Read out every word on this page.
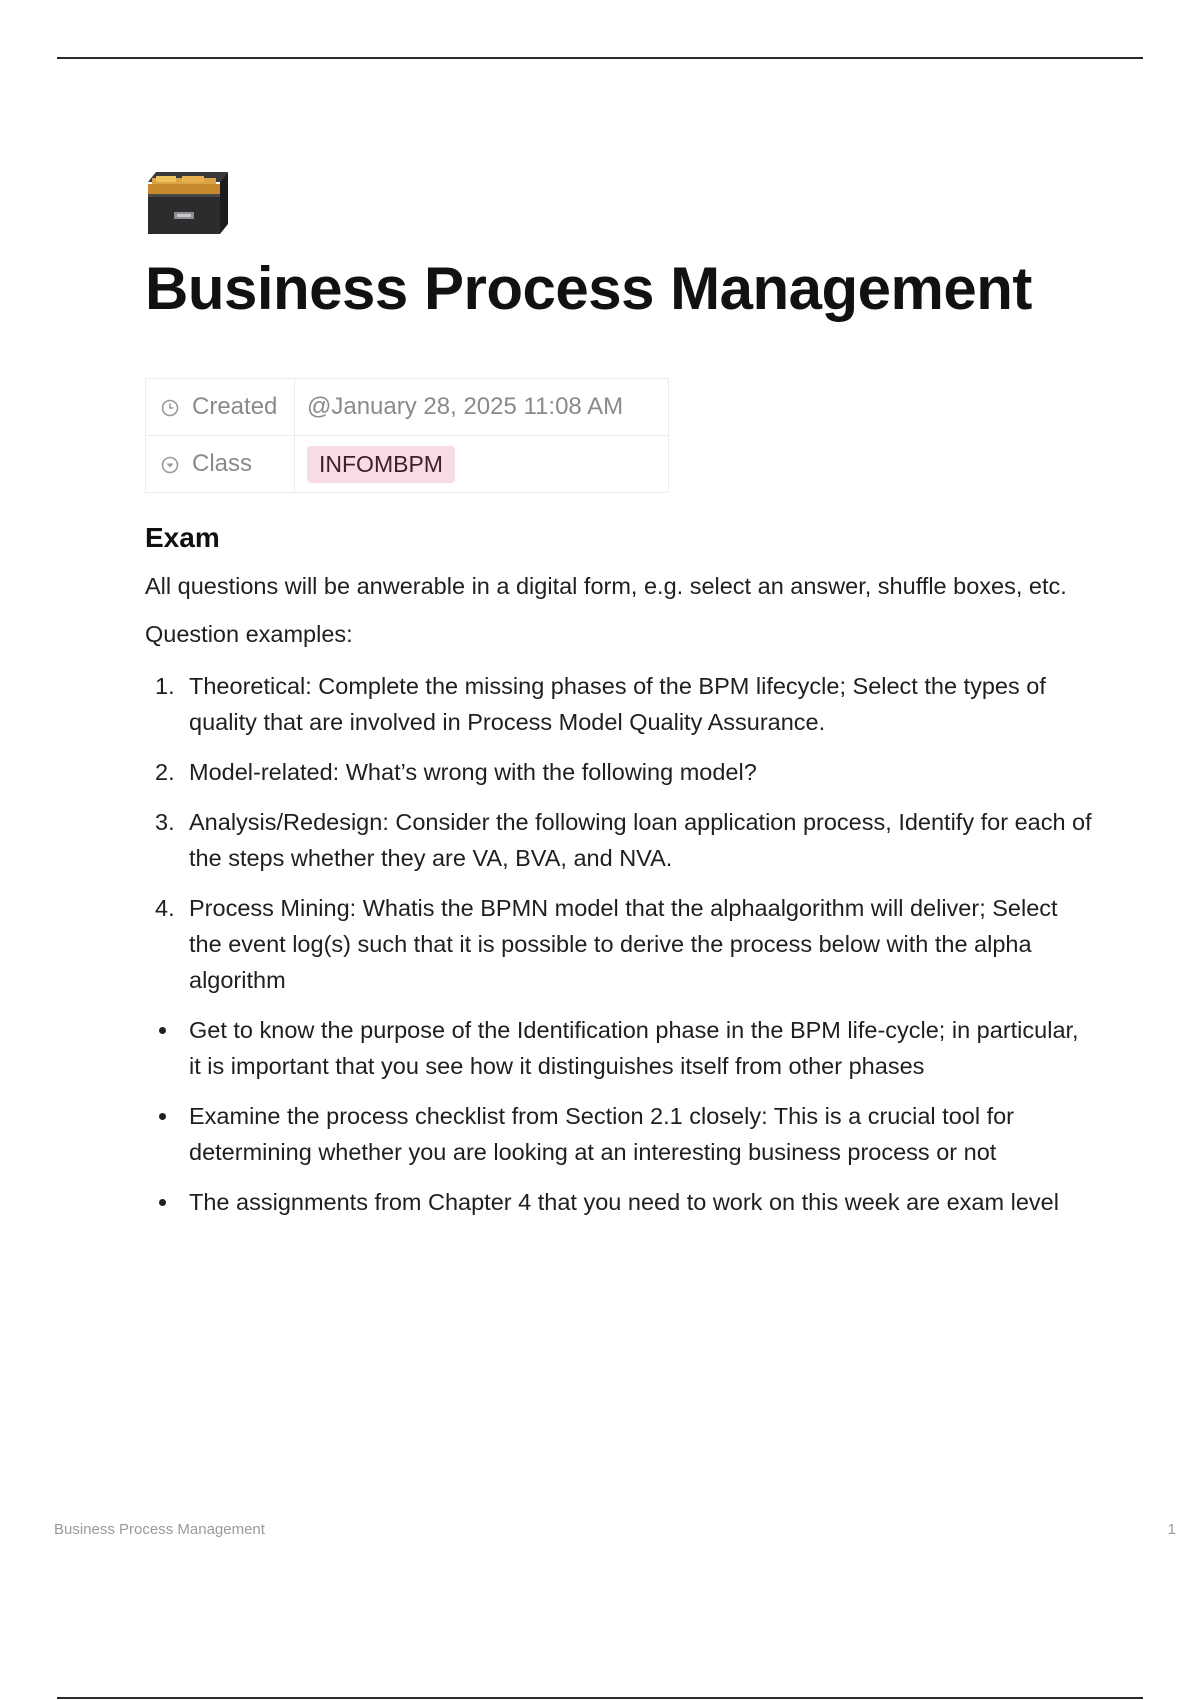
Business Process Management
Created	@January 28, 2025 11:08 AM

Class	INFOMBPM
Exam

All questions will be anwerable in a digital form, e.g. select an answer, shuffle boxes, etc.

Question examples:

1. Theoretical: Complete the missing phases of the BPM lifecycle; Select the types of quality that are involved in Process Model Quality Assurance.
2. Model-related: What’s wrong with the following model?
3. Analysis/Redesign: Consider the following loan application process, Identify for each of the steps whether they are VA, BVA, and NVA.
4. Process Mining: Whatis the BPMN model that the alphaalgorithm will deliver; Select the event log(s) such that it is possible to derive the process below with the alpha algorithm
Get to know the purpose of the Identification phase in the BPM life-cycle; in particular, it is important that you see how it distinguishes itself from other phases
Examine the process checklist from Section 2.1 closely: This is a crucial tool for determining whether you are looking at an interesting business process or not
The assignments from Chapter 4 that you need to work on this week are exam level
Business Process Management	1
